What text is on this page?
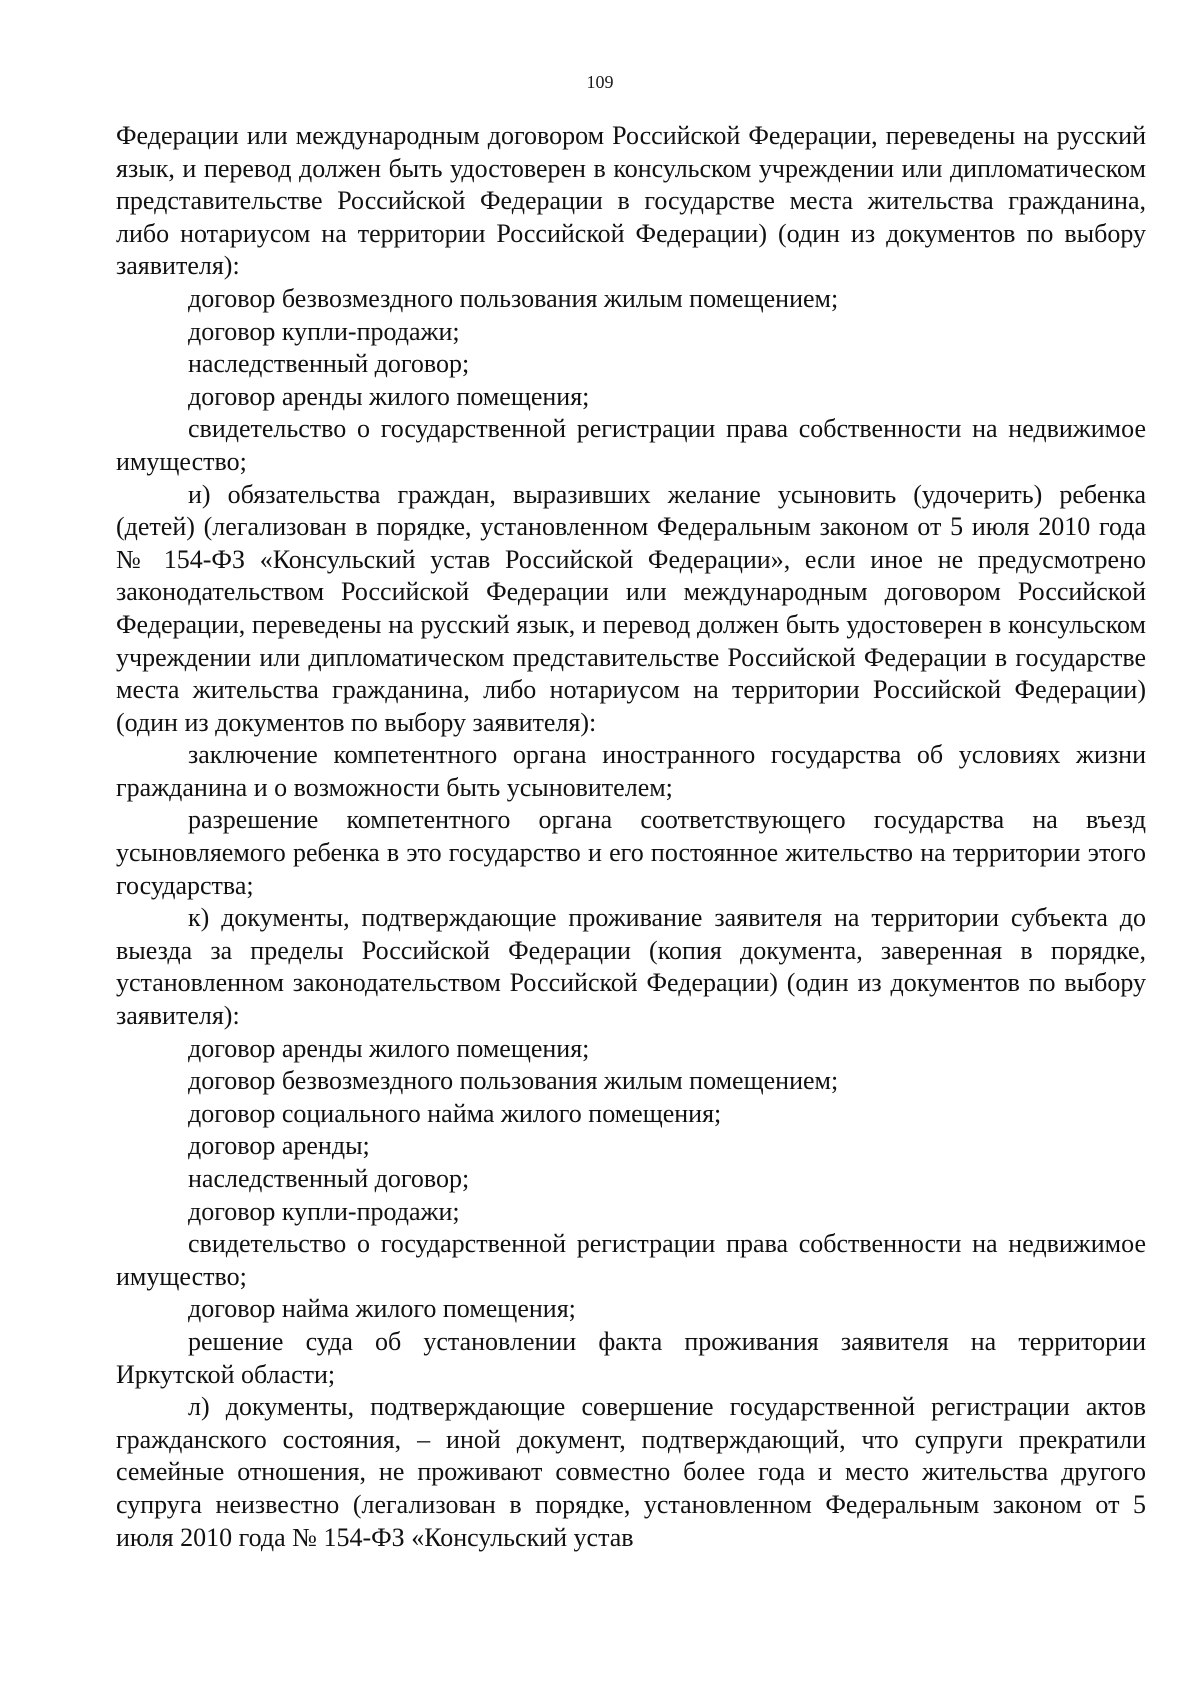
109

Федерации или международным договором Российской Федерации, переведены на русский язык, и перевод должен быть удостоверен в консульском учреждении или дипломатическом представительстве Российской Федерации в государстве места жительства гражданина, либо нотариусом на территории Российской Федерации) (один из документов по выбору заявителя):

договор безвозмездного пользования жилым помещением;

договор купли-продажи;

наследственный договор;

договор аренды жилого помещения;

свидетельство о государственной регистрации права собственности на недвижимое имущество;

и) обязательства граждан, выразивших желание усыновить (удочерить) ребенка (детей) (легализован в порядке, установленном Федеральным законом от 5 июля 2010 года № 154-ФЗ «Консульский устав Российской Федерации», если иное не предусмотрено законодательством Российской Федерации или международным договором Российской Федерации, переведены на русский язык, и перевод должен быть удостоверен в консульском учреждении или дипломатическом представительстве Российской Федерации в государстве места жительства гражданина, либо нотариусом на территории Российской Федерации) (один из документов по выбору заявителя):

заключение компетентного органа иностранного государства об условиях жизни гражданина и о возможности быть усыновителем;

разрешение компетентного органа соответствующего государства на въезд усыновляемого ребенка в это государство и его постоянное жительство на территории этого государства;

к) документы, подтверждающие проживание заявителя на территории субъекта до выезда за пределы Российской Федерации (копия документа, заверенная в порядке, установленном законодательством Российской Федерации) (один из документов по выбору заявителя):

договор аренды жилого помещения;

договор безвозмездного пользования жилым помещением;

договор социального найма жилого помещения;

договор аренды;

наследственный договор;

договор купли-продажи;

свидетельство о государственной регистрации права собственности на недвижимое имущество;

договор найма жилого помещения;

решение суда об установлении факта проживания заявителя на территории Иркутской области;

л) документы, подтверждающие совершение государственной регистрации актов гражданского состояния, – иной документ, подтверждающий, что супруги прекратили семейные отношения, не проживают совместно более года и место жительства другого супруга неизвестно (легализован в порядке, установленном Федеральным законом от 5 июля 2010 года № 154-ФЗ «Консульский устав
